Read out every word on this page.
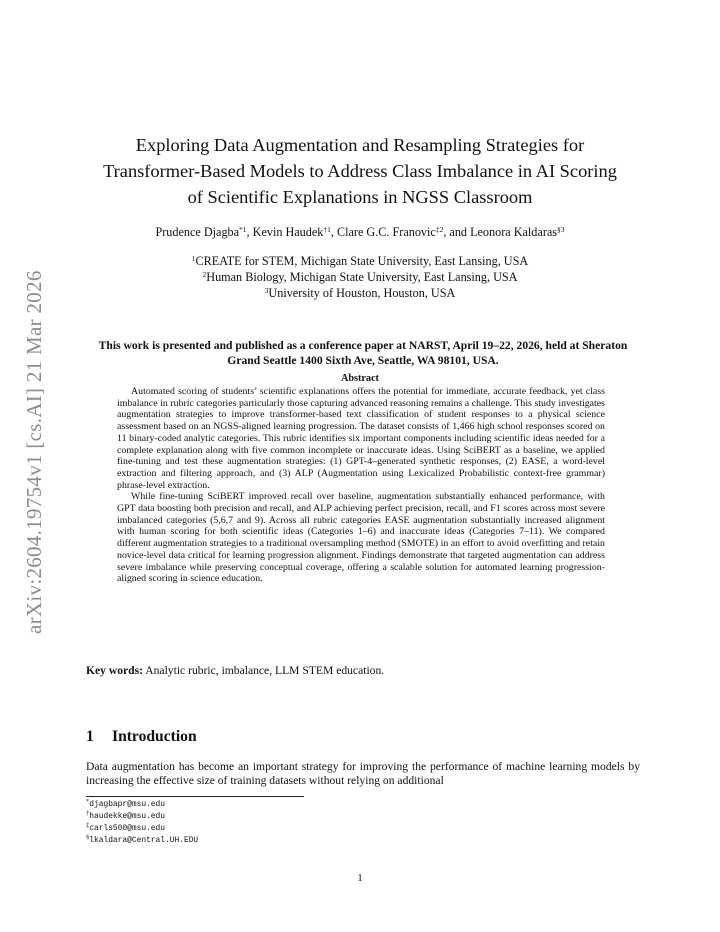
arXiv:2604.19754v1 [cs.AI] 21 Mar 2026
Exploring Data Augmentation and Resampling Strategies for
Transformer-Based Models to Address Class Imbalance in AI Scoring
of Scientific Explanations in NGSS Classroom
Prudence Djagba$^{*1}$, Kevin Haudek$^{\dagger 1}$, Clare G.C. Franovic$^{\ddagger 2}$, and Leonora Kaldaras$^{\S 3}$
$^1$CREATE for STEM, Michigan State University, East Lansing, USA
$^2$Human Biology, Michigan State University, East Lansing, USA
$^3$University of Houston, Houston, USA

This work is presented and published as a conference paper at NARST, April 19–22, 2026, held at Sheraton Grand Seattle 1400 Sixth Ave, Seattle, WA 98101, USA.

Abstract

Automated scoring of students’ scientific explanations offers the potential for immediate, accurate feedback, yet class imbalance in rubric categories particularly those capturing advanced reasoning remains a challenge. This study investigates augmentation strategies to improve transformer-based text classification of student responses to a physical science assessment based on an NGSS-aligned learning progression. The dataset consists of 1,466 high school responses scored on 11 binary-coded analytic categories. This rubric identifies six important components including scientific ideas needed for a complete explanation along with five common incomplete or inaccurate ideas. Using SciBERT as a baseline, we applied fine-tuning and test these augmentation strategies: (1) GPT-4–generated synthetic responses, (2) EASE, a word-level extraction and filtering approach, and (3) ALP (Augmentation using Lexicalized Probabilistic context-free grammar) phrase-level extraction.

While fine-tuning SciBERT improved recall over baseline, augmentation substantially enhanced performance, with GPT data boosting both precision and recall, and ALP achieving perfect precision, recall, and F1 scores across most severe imbalanced categories (5,6,7 and 9). Across all rubric categories EASE augmentation substantially increased alignment with human scoring for both scientific ideas (Categories 1–6) and inaccurate ideas (Categories 7–11). We compared different augmentation strategies to a traditional oversampling method (SMOTE) in an effort to avoid overfitting and retain novice-level data critical for learning progression alignment. Findings demonstrate that targeted augmentation can address severe imbalance while preserving conceptual coverage, offering a scalable solution for automated learning progression-aligned scoring in science education.

Key words: Analytic rubric, imbalance, LLM STEM education.
1 Introduction

Data augmentation has become an important strategy for improving the performance of machine learning models by increasing the effective size of training datasets without relying on additional

*djagbapr@msu.edu
†haudekke@msu.edu
‡carls500@msu.edu
§lkaldara@Central.UH.EDU
1
